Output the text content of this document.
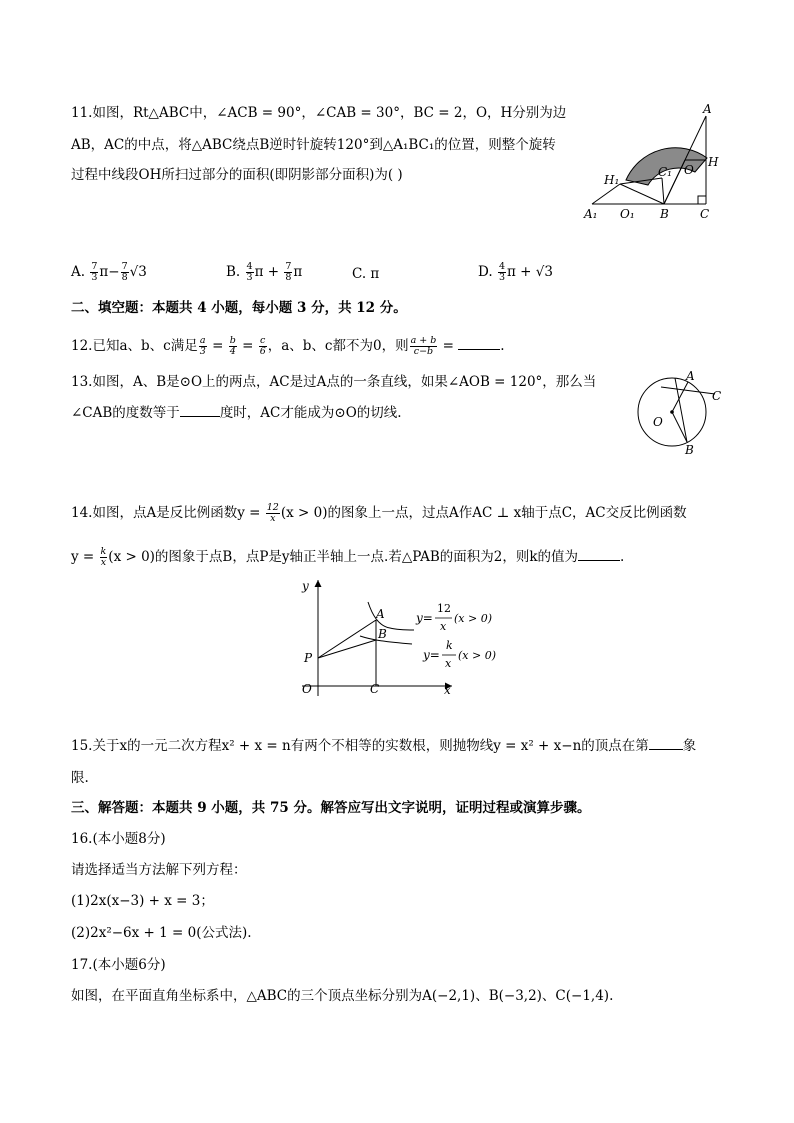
11.如图，Rt△ABC中，∠ACB = 90°，∠CAB = 30°，BC = 2，O，H分别为边
AB，AC的中点，将△ABC绕点B逆时针旋转120°到△A₁BC₁的位置，则整个旋转
过程中线段OH所扫过部分的面积(即阴影部分面积)为( )
A
H
O
C₁
H₁
A₁ O₁ B	C
A. $\frac{7}{3} \pi- \frac{7}{8} √3$	B. $\frac{4}{3}$ $\pi + \frac{7}{8}$ π	C. π	D. $\frac{4}{3}$ π + √3
二、填空题：本题共 4 小题，每小题 3 分，共 12 分。
12.已知a、b、c满足 $\frac{a}{3} = \frac{b}{4} = \frac{c}{6}$ ，a、b、c都不为0，则 $\frac{a + b}{c-b}$ =	.
13.如图，A、B是⊙O上的两点，AC是过A点的一条直线，如果∠AOB = 120°，那么当
∠CAB的度数等于	度时，AC才能成为⊙O的切线.
A
C
O
B
14.如图，点A是反比例函数$y = \frac{12}{x} (x > 0)$的图象上一点，过点A作AC ⊥ x轴于点C，AC交反比例函数
$y = \frac{k}{x} (x > 0)$的图象于点B，点P是y轴正半轴上一点.若△PAB的面积为2，则k的值为	.
y
x
O	C
P
A
B
y=
12
x
(x > 0)
y=
k
x
(x > 0)
15.关于x的一元二次方程x² + x = n有两个不相等的实数根，则抛物线y = x² + x−n的顶点在第	象
限.
三、解答题：本题共 9 小题，共 75 分。解答应写出文字说明，证明过程或演算步骤。
16.(本小题8分)
请选择适当方法解下列方程：
(1)2x(x−3) + x = 3；
(2)2x²−6x + 1 = 0(公式法).
17.(本小题6分)
如图，在平面直角坐标系中，△ABC的三个顶点坐标分别为A(−2,1)、B(−3,2)、C(−1,4).
